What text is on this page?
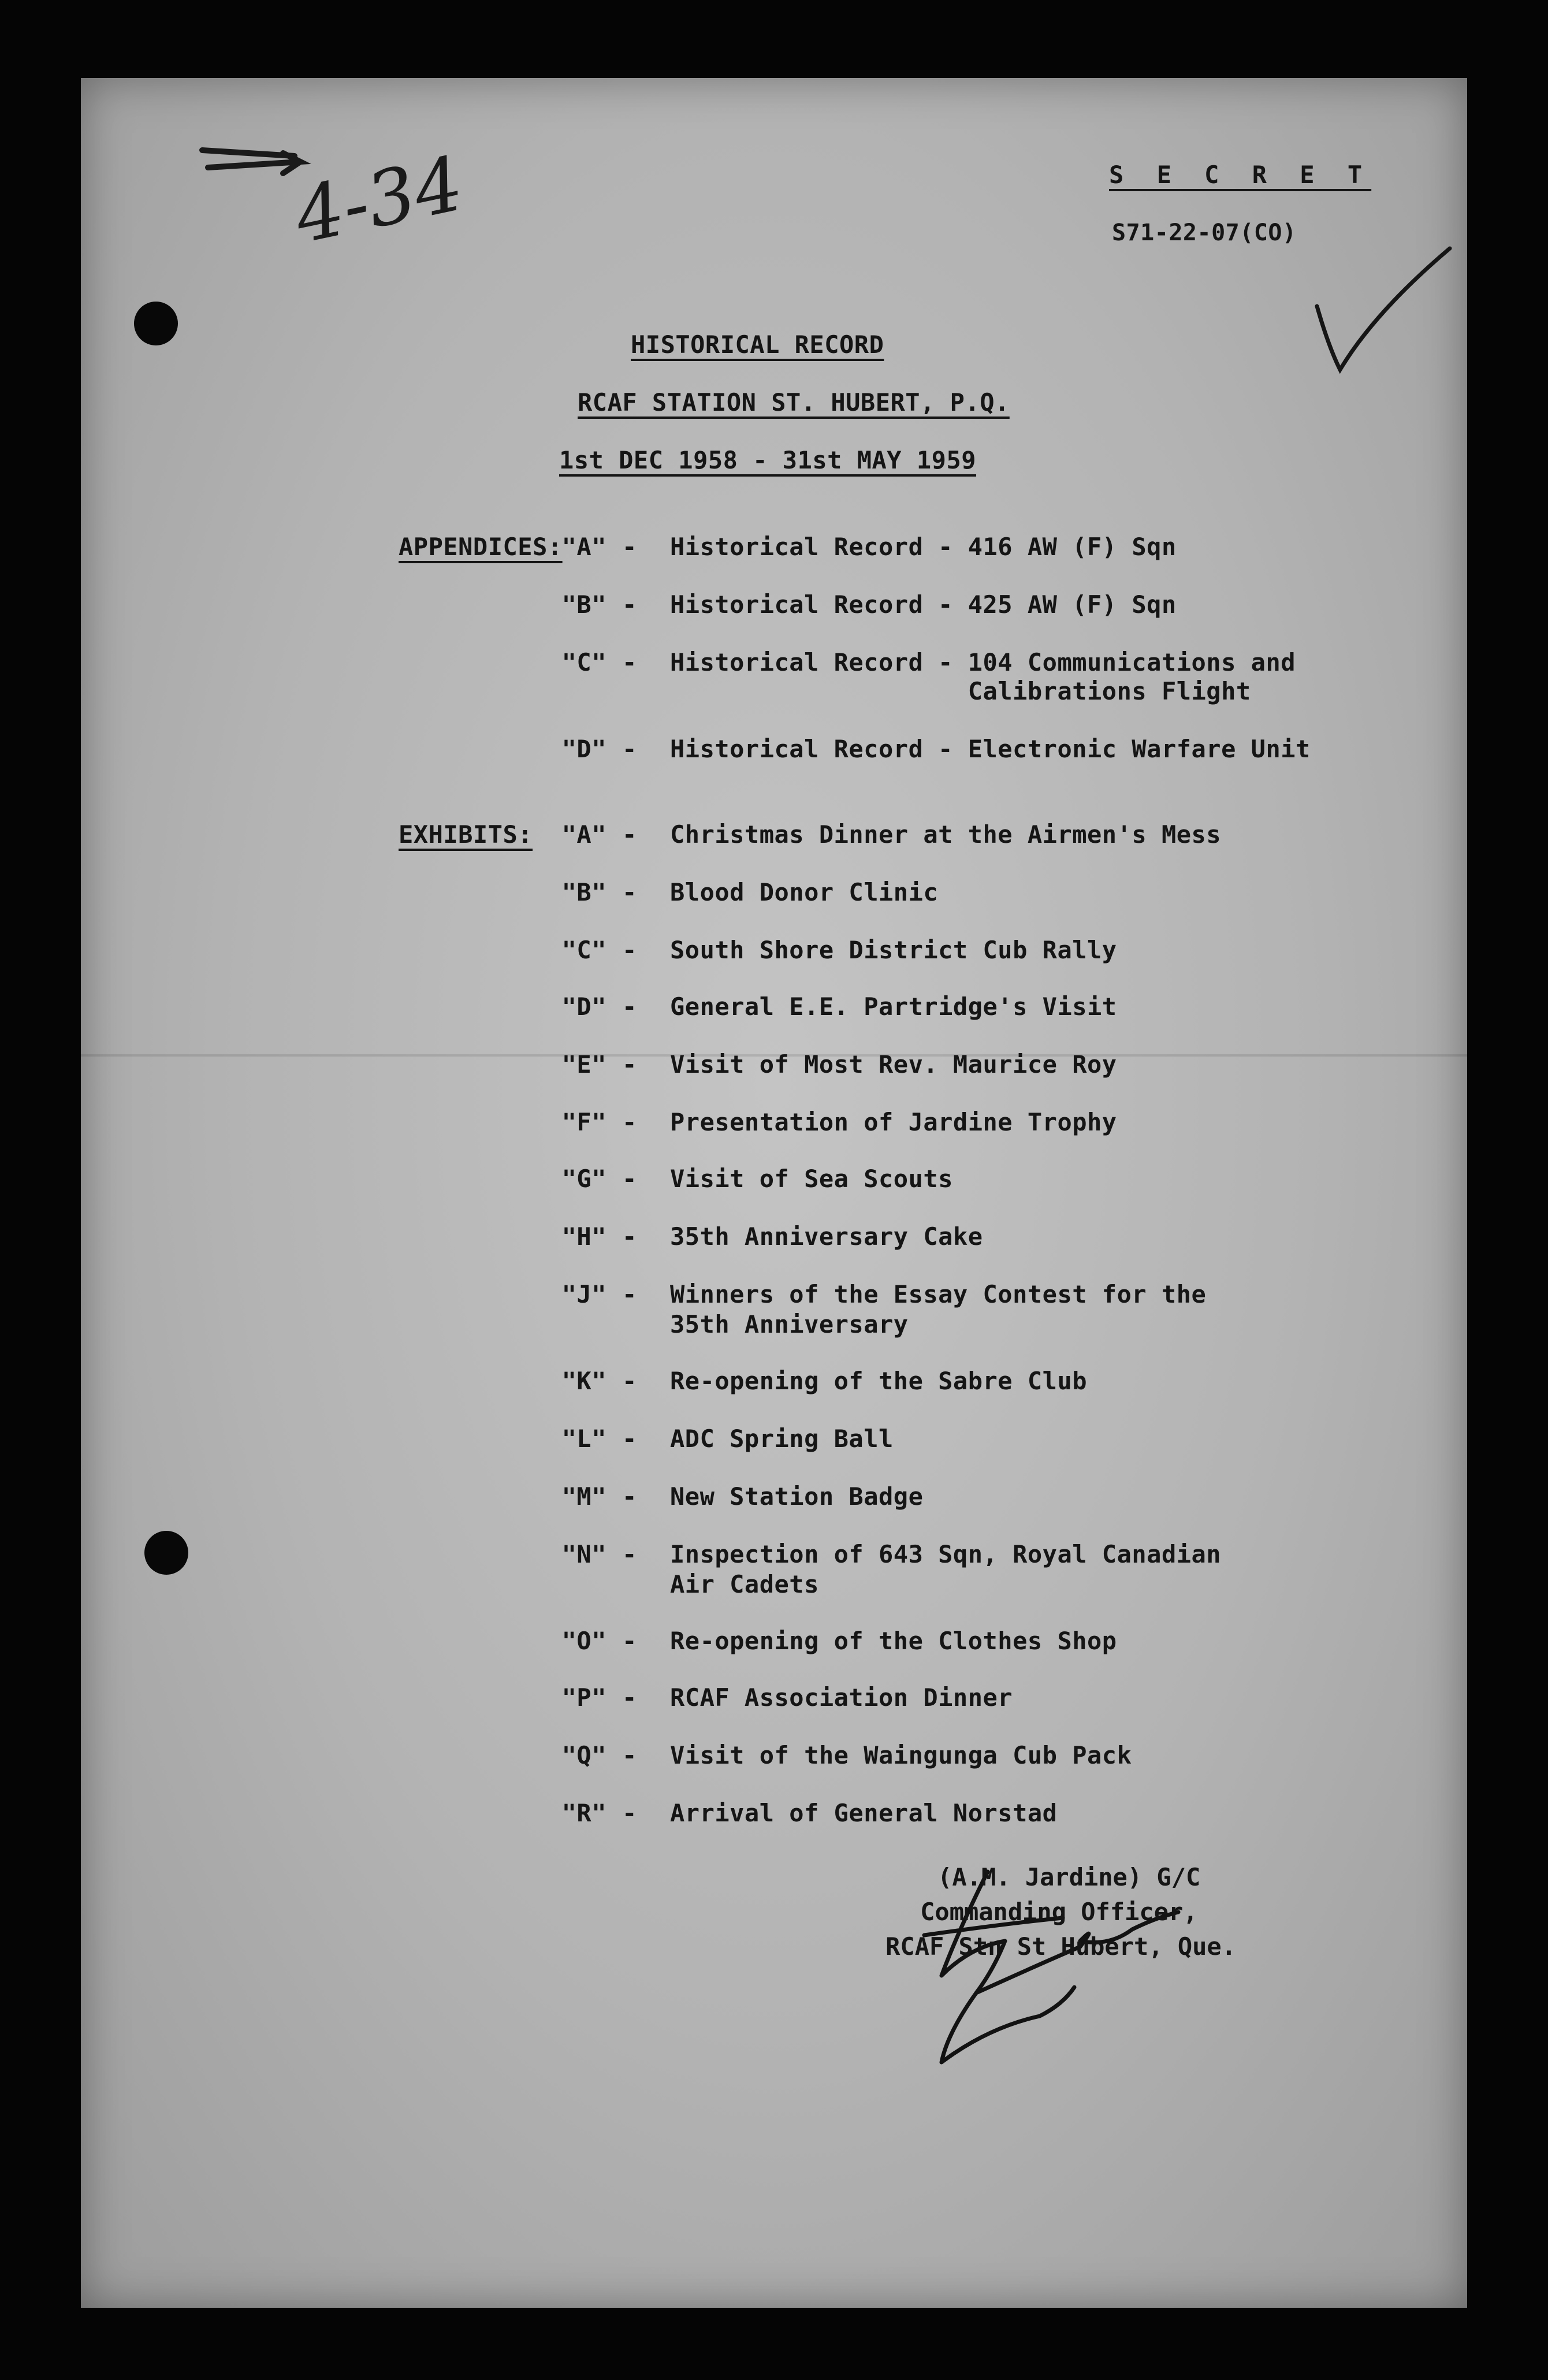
4-34	S E C R E T
S71-22-07(CO)
HISTORICAL RECORD
RCAF STATION ST. HUBERT, P.Q.
1st DEC 1958 - 31st MAY 1959
APPENDICES:
"A" -	Historical Record - 416 AW (F) Sqn
"B" -	Historical Record - 425 AW (F) Sqn
"C" -	Historical Record - 104 Communications and
Calibrations Flight
"D" -	Historical Record - Electronic Warfare Unit
EXHIBITS:	"A" -	Christmas Dinner at the Airmen's Mess
"B" -	Blood Donor Clinic
"C" -	South Shore District Cub Rally
"D" -	General E.E. Partridge's Visit
"E" -	Visit of Most Rev. Maurice Roy
"F" -	Presentation of Jardine Trophy
"G" -	Visit of Sea Scouts
"H" -	35th Anniversary Cake
"J" -	Winners of the Essay Contest for the
35th Anniversary
"K" -	Re-opening of the Sabre Club
"L" -	ADC Spring Ball
"M" -	New Station Badge
"N" -	Inspection of 643 Sqn, Royal Canadian
Air Cadets
"O" -	Re-opening of the Clothes Shop
"P" -	RCAF Association Dinner
"Q" -	Visit of the Waingunga Cub Pack
"R" -	Arrival of General Norstad
(A.M. Jardine) G/C
Commanding Officer,
RCAF Stn St Hubert, Que.
